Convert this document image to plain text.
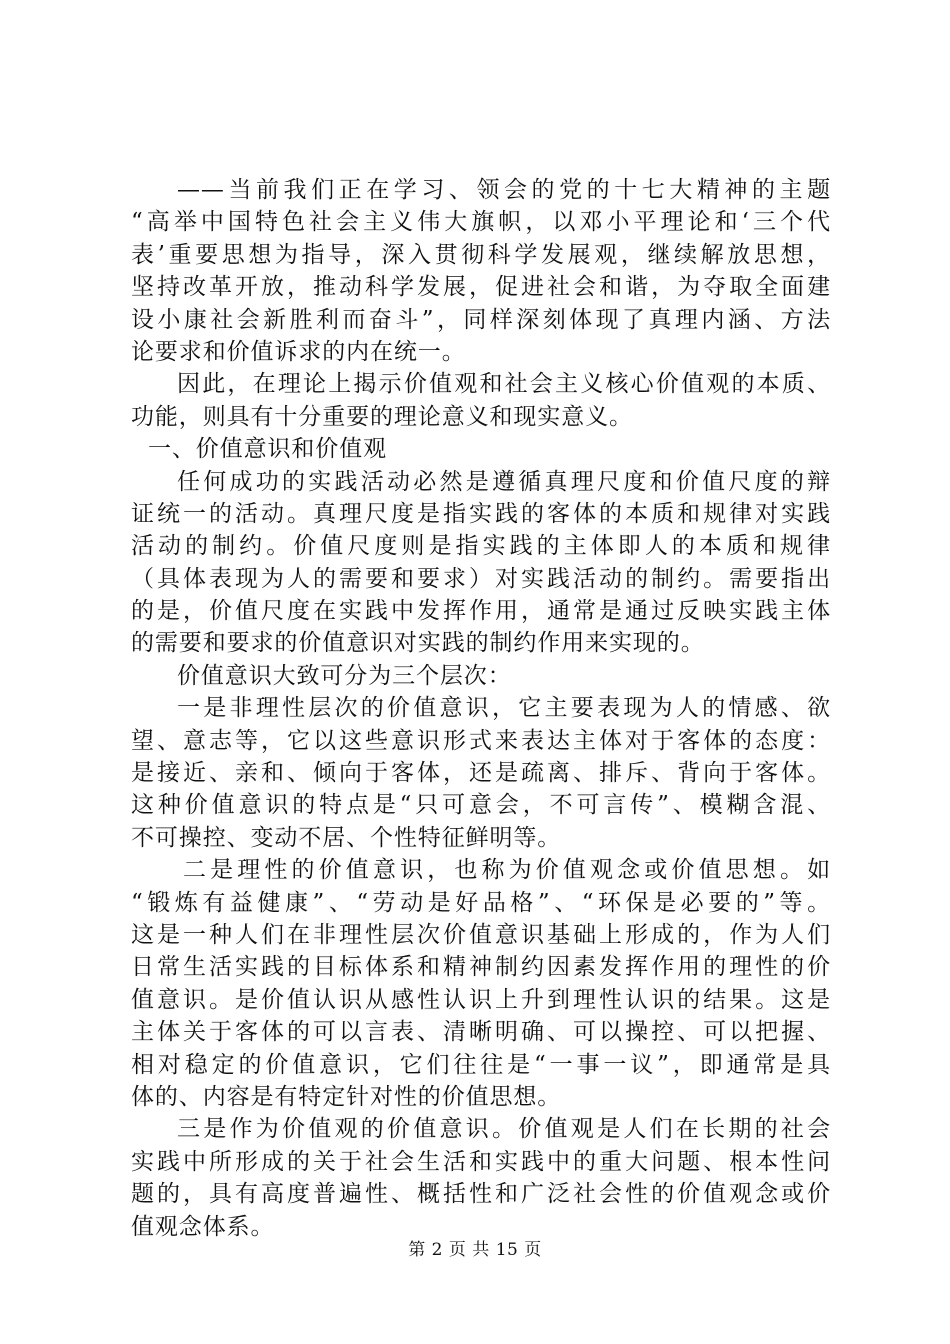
——当前我们正在学习、领会的党的十七大精神的主题
“高举中国特色社会主义伟大旗帜，以邓小平理论和‘三个代
表’重要思想为指导，深入贯彻科学发展观，继续解放思想，
坚持改革开放，推动科学发展，促进社会和谐，为夺取全面建
设小康社会新胜利而奋斗”，同样深刻体现了真理内涵、方法
论要求和价值诉求的内在统一。
因此，在理论上揭示价值观和社会主义核心价值观的本质、
功能，则具有十分重要的理论意义和现实意义。
一、价值意识和价值观
任何成功的实践活动必然是遵循真理尺度和价值尺度的辩
证统一的活动。真理尺度是指实践的客体的本质和规律对实践
活动的制约。价值尺度则是指实践的主体即人的本质和规律
（具体表现为人的需要和要求）对实践活动的制约。需要指出
的是，价值尺度在实践中发挥作用，通常是通过反映实践主体
的需要和要求的价值意识对实践的制约作用来实现的。
价值意识大致可分为三个层次：
一是非理性层次的价值意识，它主要表现为人的情感、欲
望、意志等，它以这些意识形式来表达主体对于客体的态度：
是接近、亲和、倾向于客体，还是疏离、排斥、背向于客体。
这种价值意识的特点是“只可意会，不可言传”、模糊含混、
不可操控、变动不居、个性特征鲜明等。
二是理性的价值意识，也称为价值观念或价值思想。如
“锻炼有益健康”、“劳动是好品格”、“环保是必要的”等。
这是一种人们在非理性层次价值意识基础上形成的，作为人们
日常生活实践的目标体系和精神制约因素发挥作用的理性的价
值意识。是价值认识从感性认识上升到理性认识的结果。这是
主体关于客体的可以言表、清晰明确、可以操控、可以把握、
相对稳定的价值意识，它们往往是“一事一议”，即通常是具
体的、内容是有特定针对性的价值思想。
三是作为价值观的价值意识。价值观是人们在长期的社会
实践中所形成的关于社会生活和实践中的重大问题、根本性问
题的，具有高度普遍性、概括性和广泛社会性的价值观念或价
值观念体系。
第 2 页 共 15 页
